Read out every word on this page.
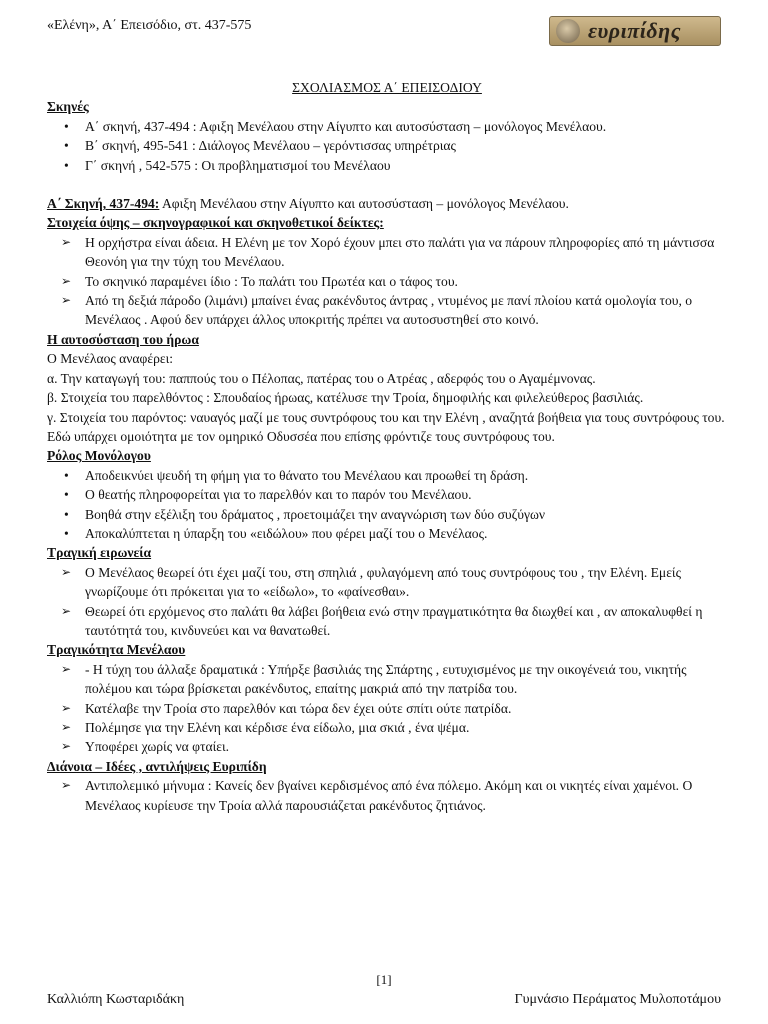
«Ελένη», Α΄ Επεισόδιο, στ. 437-575	ευριπίδης
ΣΧΟΛΙΑΣΜΟΣ Α΄ ΕΠΕΙΣΟΔΙΟΥ
Σκηνές
• Α΄ σκηνή, 437-494 : Αφιξη Μενέλαου στην Αίγυπτο και αυτοσύσταση – μονόλογος Μενέλαου.
• Β΄ σκηνή, 495-541 : Διάλογος Μενέλαου – γερόντισσας υπηρέτριας
• Γ΄ σκηνή , 542-575 : Οι προβληματισμοί του Μενέλαου

Α΄ Σκηνή, 437-494: Αφιξη Μενέλαου στην Αίγυπτο και αυτοσύσταση – μονόλογος Μενέλαου.

Στοιχεία όψης – σκηνογραφικοί και σκηνοθετικοί δείκτες:
➢ Η ορχήστρα είναι άδεια. Η Ελένη με τον Χορό έχουν μπει στο παλάτι για να πάρουν πληροφορίες από τη μάντισσα Θεονόη για την τύχη του Μενέλαου.
➢ Το σκηνικό παραμένει ίδιο : Το παλάτι του Πρωτέα και ο τάφος του.
➢ Από τη δεξιά πάροδο (λιμάνι) μπαίνει ένας ρακένδυτος άντρας , ντυμένος με πανί πλοίου κατά ομολογία του, ο Μενέλαος . Αφού δεν υπάρχει άλλος υποκριτής πρέπει να αυτοσυστηθεί στο κοινό.
Η αυτοσύσταση του ήρωα

Ο Μενέλαος αναφέρει:

α. Την καταγωγή του: παππούς του ο Πέλοπας, πατέρας του ο Ατρέας , αδερφός του ο Αγαμέμνονας.

β. Στοιχεία του παρελθόντος : Σπουδαίος ήρωας, κατέλυσε την Τροία, δημοφιλής και φιλελεύθερος βασιλιάς.

γ. Στοιχεία του παρόντος: ναυαγός μαζί με τους συντρόφους του και την Ελένη , αναζητά βοήθεια για τους συντρόφους του. Εδώ υπάρχει ομοιότητα με τον ομηρικό Οδυσσέα που επίσης φρόντιζε τους συντρόφους του.

Ρόλος Μονόλογου
• Αποδεικνύει ψευδή τη φήμη για το θάνατο του Μενέλαου και προωθεί τη δράση.
• Ο θεατής πληροφορείται για το παρελθόν και το παρόν του Μενέλαου.
• Βοηθά στην εξέλιξη του δράματος , προετοιμάζει την αναγνώριση των δύο συζύγων
• Αποκαλύπτεται η ύπαρξη του «ειδώλου» που φέρει μαζί του ο Μενέλαος.
Τραγική ειρωνεία
➢ Ο Μενέλαος θεωρεί ότι έχει μαζί του, στη σπηλιά , φυλαγόμενη από τους συντρόφους του , την Ελένη. Εμείς γνωρίζουμε ότι πρόκειται για το «είδωλο», το «φαίνεσθαι».
➢ Θεωρεί ότι ερχόμενος στο παλάτι θα λάβει βοήθεια ενώ στην πραγματικότητα θα διωχθεί και , αν αποκαλυφθεί η ταυτότητά του, κινδυνεύει και να θανατωθεί.
Τραγικότητα Μενέλαου
➢ - Η τύχη του άλλαξε δραματικά : Υπήρξε βασιλιάς της Σπάρτης , ευτυχισμένος με την οικογένειά του, νικητής πολέμου και τώρα βρίσκεται ρακένδυτος, επαίτης μακριά από την πατρίδα του.
➢ Κατέλαβε την Τροία στο παρελθόν και τώρα δεν έχει ούτε σπίτι ούτε πατρίδα.
➢ Πολέμησε για την Ελένη και κέρδισε ένα είδωλο, μια σκιά , ένα ψέμα.
➢ Υποφέρει χωρίς να φταίει.
Διάνοια – Ιδέες , αντιλήψεις Ευριπίδη
➢ Αντιπολεμικό μήνυμα : Κανείς δεν βγαίνει κερδισμένος από ένα πόλεμο. Ακόμη και οι νικητές είναι χαμένοι. Ο Μενέλαος κυρίευσε την Τροία αλλά παρουσιάζεται ρακένδυτος ζητιάνος.
[1]
Καλλιόπη Κωσταριδάκη	Γυμνάσιο Περάματος Μυλοποτάμου
